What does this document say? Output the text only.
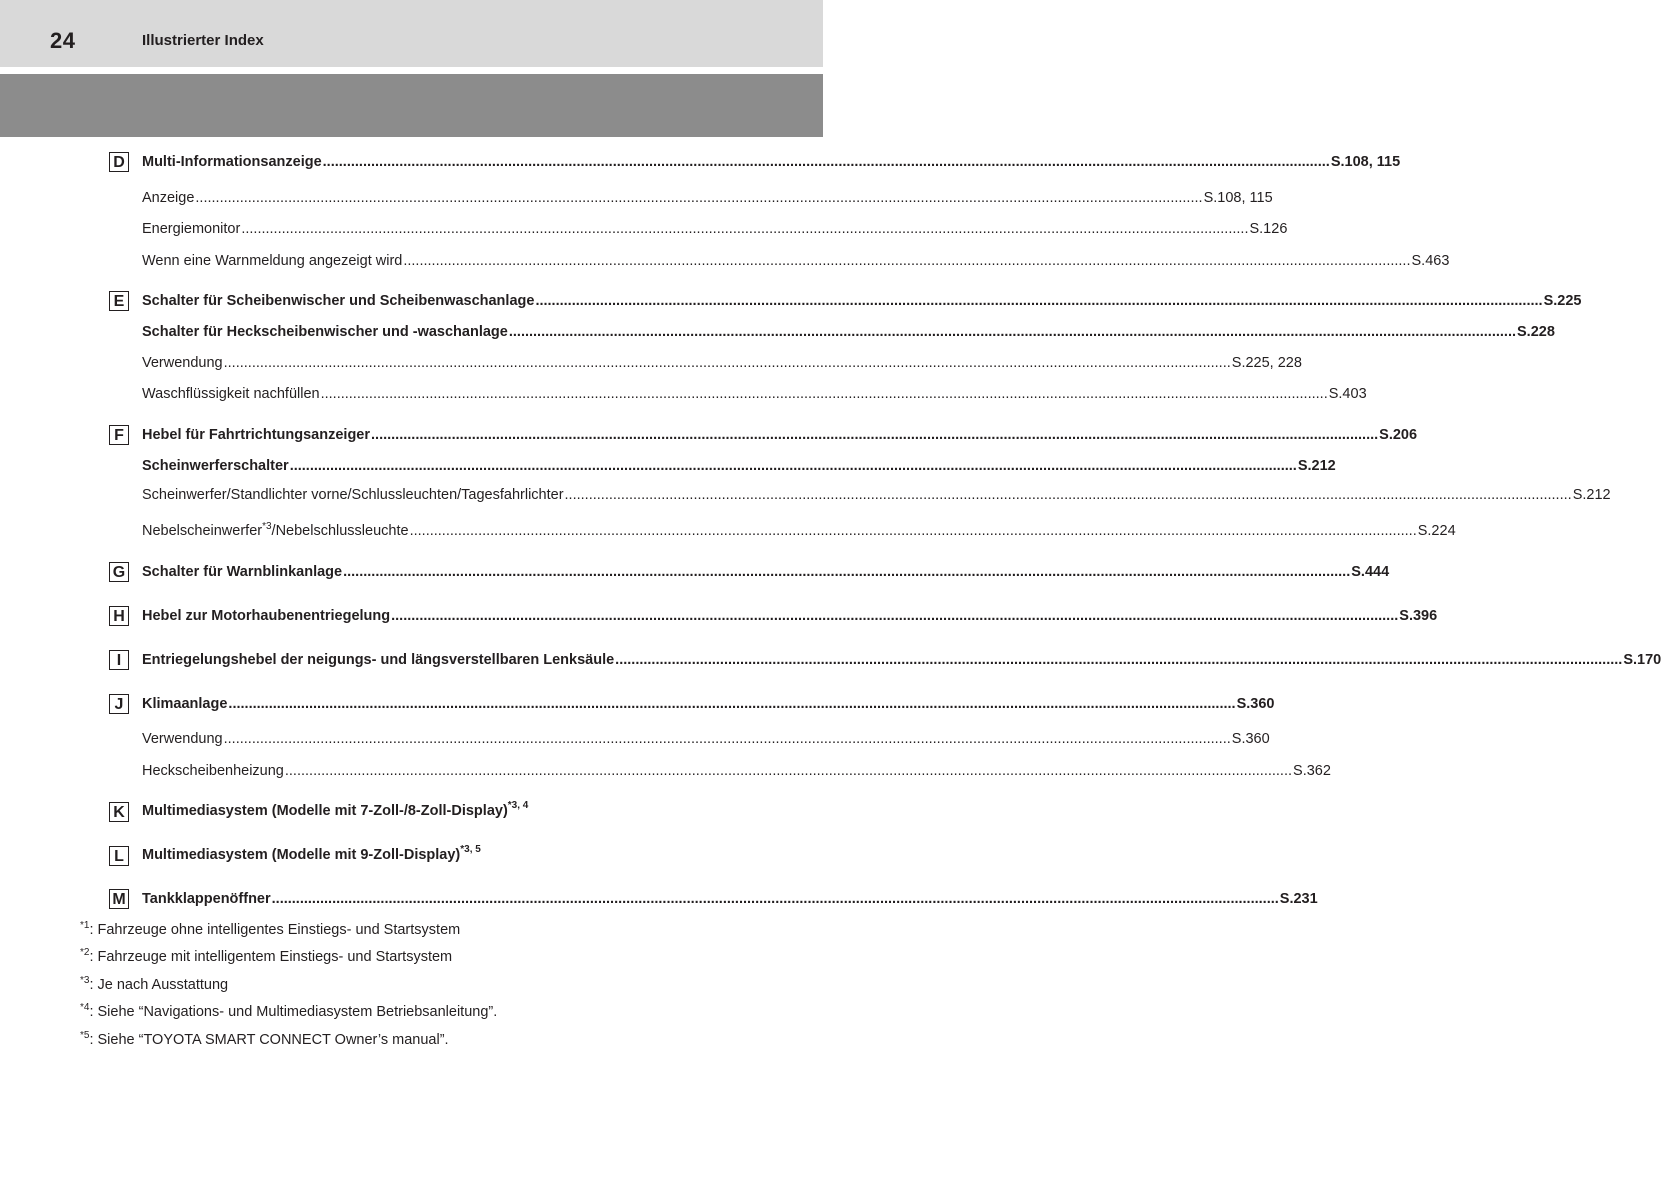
24	Illustrierter Index
D Multi-Informationsanzeige .......................................................................................................................................................................................................................................................... S.108, 115
Anzeige .......................................................................................................................................................................................................................................................... S.108, 115
Energiemonitor .......................................................................................................................................................................................................................................................... S.126
Wenn eine Warnmeldung angezeigt wird .......................................................................................................................................................................................................................................................... S.463
E	Schalter für Scheibenwischer und Scheibenwaschanlage .......................................................................................................................................................................................................................................................... S.225
Schalter für Heckscheibenwischer und -waschanlage .......................................................................................................................................................................................................................................................... S.228
Verwendung .......................................................................................................................................................................................................................................................... S.225, 228
Waschflüssigkeit nachfüllen .......................................................................................................................................................................................................................................................... S.403
F	Hebel für Fahrtrichtungsanzeiger .......................................................................................................................................................................................................................................................... S.206
Scheinwerferschalter .......................................................................................................................................................................................................................................................... S.212
Scheinwerfer/Standlichter vorne/Schlussleuchten/Tagesfahrlichter .......................................................................................................................................................................................................................................................... S.212
Nebelscheinwerfer$^{*3}$/Nebelschlussleuchte .......................................................................................................................................................................................................................................................... S.224
G Schalter für Warnblinkanlage .......................................................................................................................................................................................................................................................... S.444
H Hebel zur Motorhaubenentriegelung .......................................................................................................................................................................................................................................................... S.396
I	Entriegelungshebel der neigungs- und längsverstellbaren Lenksäule .......................................................................................................................................................................................................................................................... S.170
J	Klimaanlage .......................................................................................................................................................................................................................................................... S.360
Verwendung .......................................................................................................................................................................................................................................................... S.360
Heckscheibenheizung .......................................................................................................................................................................................................................................................... S.362
K Multimediasystem (Modelle mit 7-Zoll-/8-Zoll-Display)$^{*3, 4}$
L	Multimediasystem (Modelle mit 9-Zoll-Display)$^{*3, 5}$
M Tankklappenöffner .......................................................................................................................................................................................................................................................... S.231
$^{*1}$: Fahrzeuge ohne intelligentes Einstiegs- und Startsystem
$^{*2}$: Fahrzeuge mit intelligentem Einstiegs- und Startsystem
$^{*3}$: Je nach Ausstattung
$^{*4}$: Siehe “Navigations- und Multimediasystem Betriebsanleitung”.
$^{*5}$: Siehe “TOYOTA SMART CONNECT Owner’s manual”.
